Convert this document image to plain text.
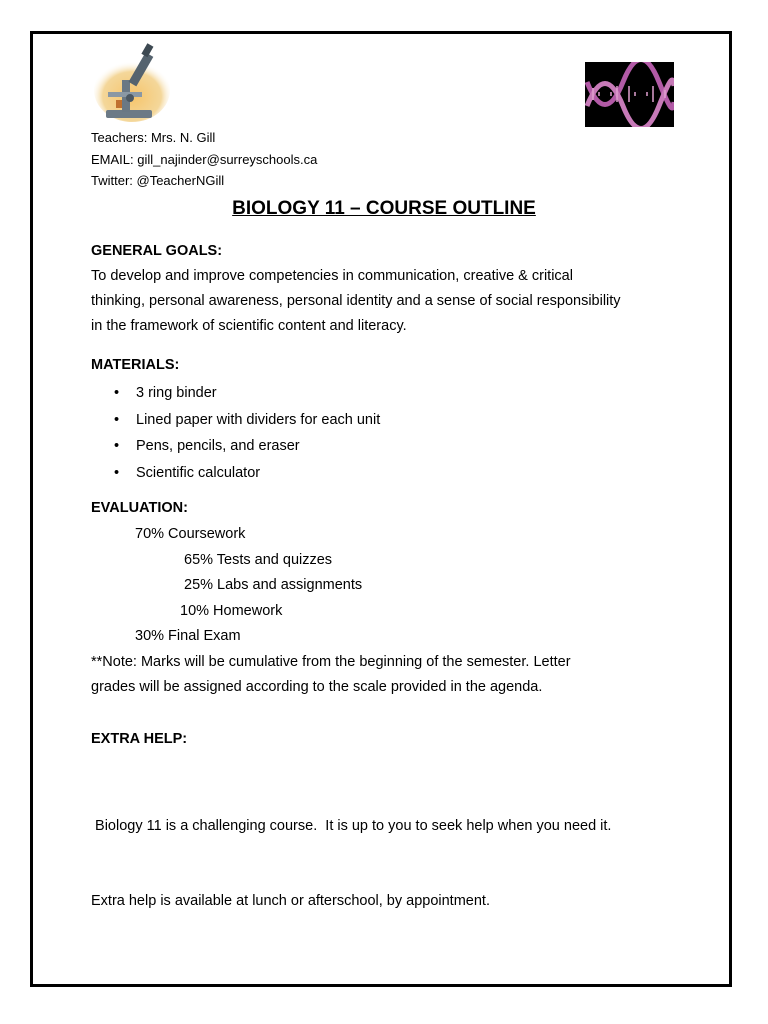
Teachers: Mrs. N. Gill
EMAIL: gill_najinder@surreyschools.ca
Twitter: @TeacherNGill
BIOLOGY 11 – COURSE OUTLINE
GENERAL GOALS:
To develop and improve competencies in communication, creative & critical
thinking, personal awareness, personal identity and a sense of social responsibility
in the framework of scientific content and literacy.
MATERIALS:
• 3 ring binder
• Lined paper with dividers for each unit
• Pens, pencils, and eraser
• Scientific calculator
EVALUATION:
70% Coursework
65% Tests and quizzes
25% Labs and assignments
10% Homework
30% Final Exam
**Note: Marks will be cumulative from the beginning of the semester. Letter
grades will be assigned according to the scale provided in the agenda.
EXTRA HELP:

Biology 11 is a challenging course.  It is up to you to seek help when you need it.

Extra help is available at lunch or afterschool, by appointment.
